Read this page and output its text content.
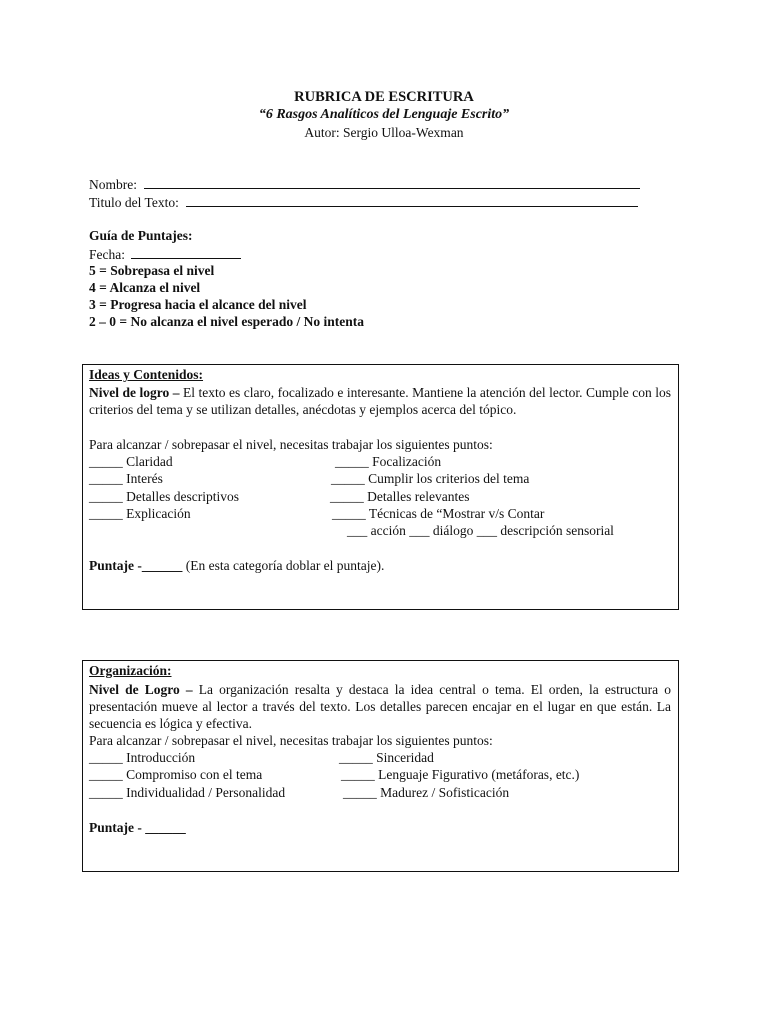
RUBRICA DE ESCRITURA
“6 Rasgos Analíticos del Lenguaje Escrito”
Autor: Sergio Ulloa-Wexman
Nombre:
Titulo del Texto:
Guía de Puntajes:
Fecha:
5 = Sobrepasa el nivel
4 = Alcanza el nivel
3 = Progresa hacia el alcance del nivel
2 – 0 = No alcanza el nivel esperado / No intenta
Ideas y Contenidos:
Nivel de logro – El texto es claro, focalizado e interesante. Mantiene la atención del lector. Cumple con los criterios del tema y se utilizan detalles, anécdotas y ejemplos acerca del tópico.
Para alcanzar / sobrepasar el nivel, necesitas trabajar los siguientes puntos:
_____ Claridad
_____ Interés
_____ Detalles descriptivos
_____ Explicación
_____ Focalización
_____ Cumplir los criterios del tema
_____ Detalles relevantes
_____ Técnicas de “Mostrar v/s Contar
___ acción ___ diálogo ___ descripción sensorial
Puntaje -______ (En esta categoría doblar el puntaje).
Organización:
Nivel de Logro – La organización resalta y destaca la idea central o tema. El orden, la estructura o presentación mueve al lector a través del texto. Los detalles parecen encajar en el lugar en que están. La secuencia es lógica y efectiva.
Para alcanzar / sobrepasar el nivel, necesitas trabajar los siguientes puntos:
_____ Introducción
_____ Compromiso con el tema
_____ Individualidad / Personalidad
_____ Sinceridad
_____ Lenguaje Figurativo (metáforas, etc.)
_____ Madurez / Sofisticación
Puntaje - ______
